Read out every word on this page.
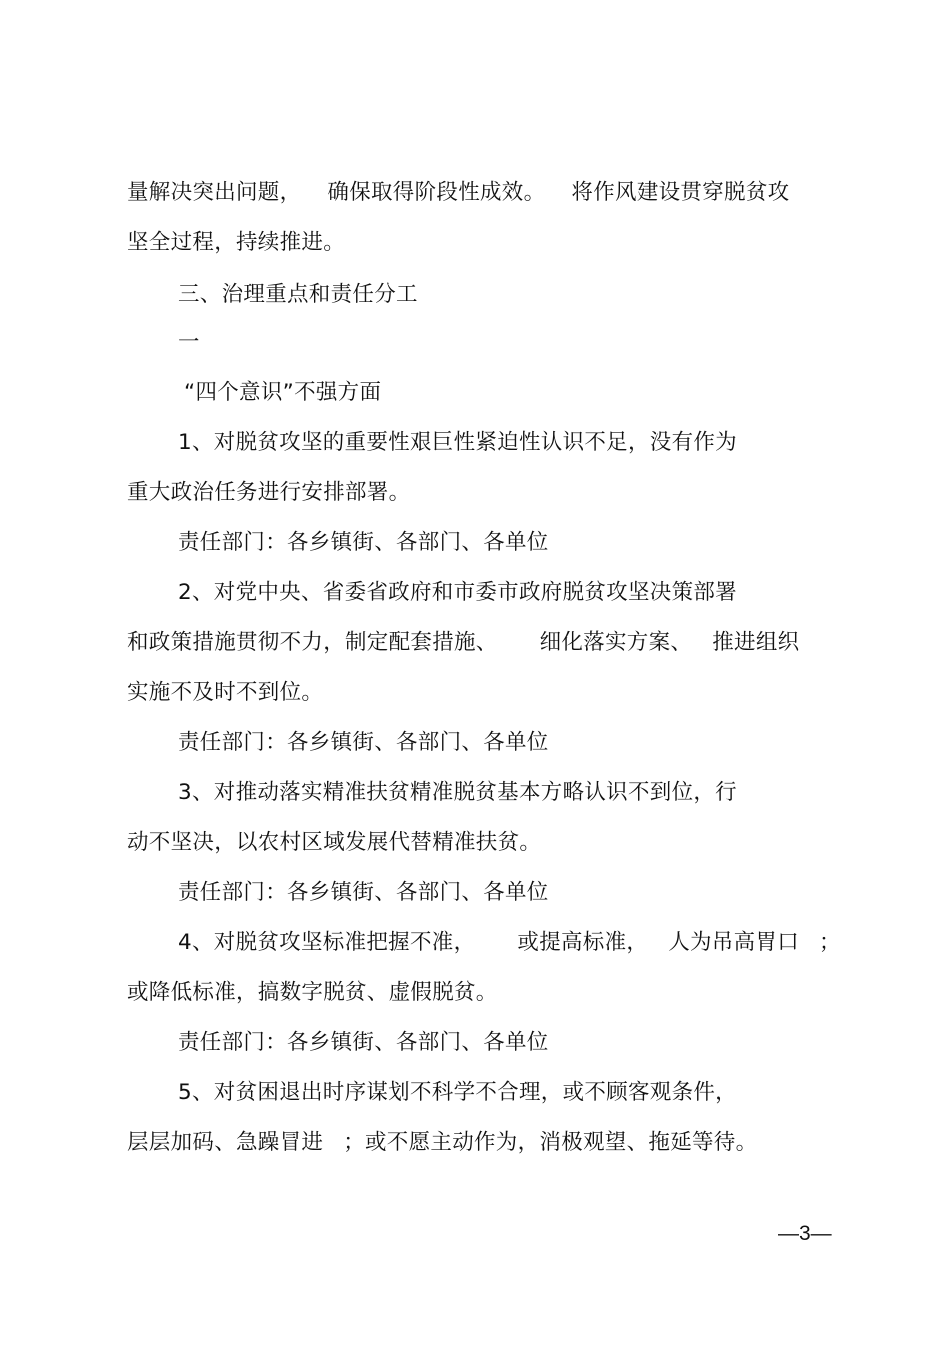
量解决突出问题， 确保取得阶段性成效。 将作风建设贯穿脱贫攻
坚全过程，持续推进。
三、治理重点和责任分工
一
“四个意识”不强方面
1、对脱贫攻坚的重要性艰巨性紧迫性认识不足，没有作为
重大政治任务进行安排部署。
责任部门：各乡镇街、各部门、各单位
2、对党中央、省委省政府和市委市政府脱贫攻坚决策部署
和政策措施贯彻不力，制定配套措施、 细化落实方案、 推进组织
实施不及时不到位。
责任部门：各乡镇街、各部门、各单位
3、对推动落实精准扶贫精准脱贫基本方略认识不到位，行
动不坚决，以农村区域发展代替精准扶贫。
责任部门：各乡镇街、各部门、各单位
4、对脱贫攻坚标准把握不准， 或提高标准， 人为吊高胃口 ；
或降低标准，搞数字脱贫、虚假脱贫。
责任部门：各乡镇街、各部门、各单位
5、对贫困退出时序谋划不科学不合理，或不顾客观条件，
层层加码、急躁冒进 ；或不愿主动作为，消极观望、拖延等待。
—3—
